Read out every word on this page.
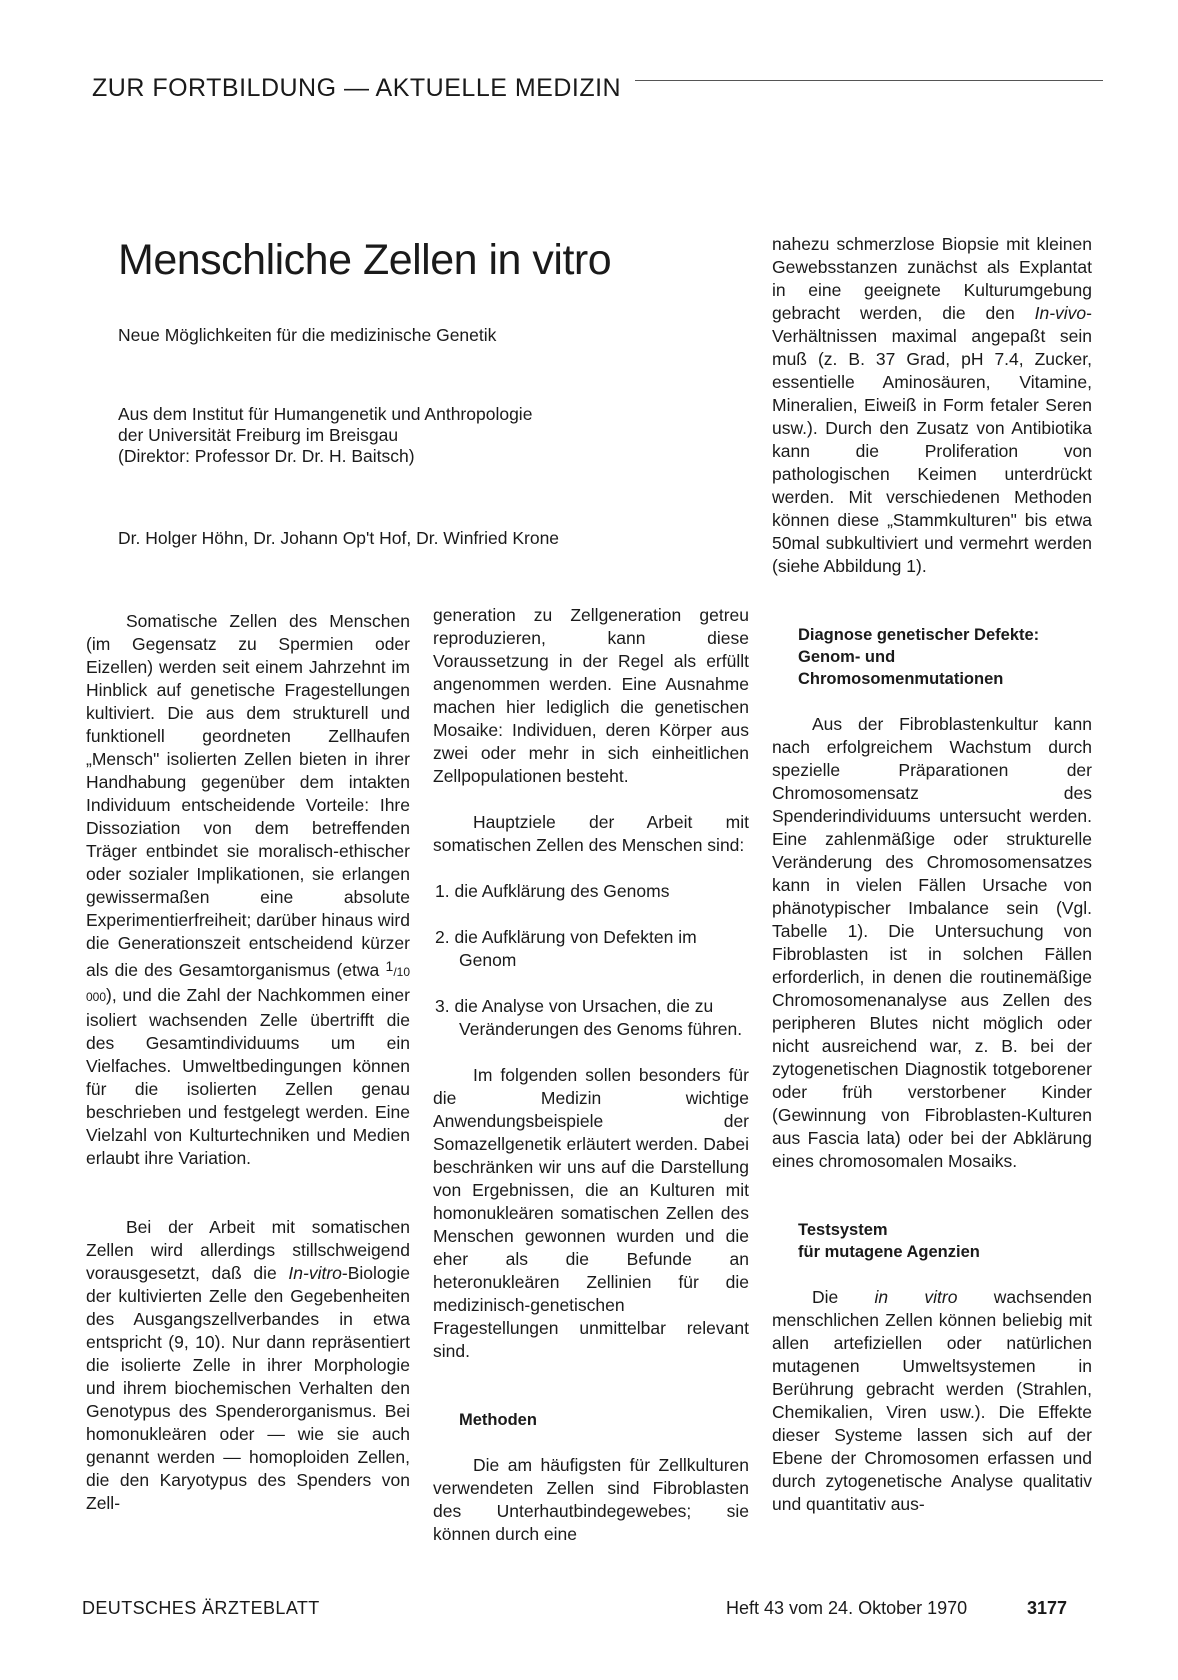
ZUR FORTBILDUNG — AKTUELLE MEDIZIN
Menschliche Zellen in vitro
Neue Möglichkeiten für die medizinische Genetik
Aus dem Institut für Humangenetik und Anthropologie
der Universität Freiburg im Breisgau
(Direktor: Professor Dr. Dr. H. Baitsch)
Dr. Holger Höhn, Dr. Johann Op't Hof, Dr. Winfried Krone

Somatische Zellen des Menschen (im Gegensatz zu Spermien oder Eizellen) werden seit einem Jahrzehnt im Hinblick auf genetische Fragestellungen kultiviert. Die aus dem strukturell und funktionell geordneten Zellhaufen „Mensch" isolierten Zellen bieten in ihrer Handhabung gegenüber dem intakten Individuum entscheidende Vorteile: Ihre Dissoziation von dem betreffenden Träger entbindet sie moralisch-ethischer oder sozialer Implikationen, sie erlangen gewissermaßen eine absolute Experimentierfreiheit; darüber hinaus wird die Generationszeit entscheidend kürzer als die des Gesamtorganismus (etwa $^1$/10 000), und die Zahl der Nachkommen einer isoliert wachsenden Zelle übertrifft die des Gesamtindividuums um ein Vielfaches. Umweltbedingungen können für die isolierten Zellen genau beschrieben und festgelegt werden. Eine Vielzahl von Kulturtechniken und Medien erlaubt ihre Variation.

Bei der Arbeit mit somatischen Zellen wird allerdings stillschweigend vorausgesetzt, daß die In-vitro-Biologie der kultivierten Zelle den Gegebenheiten des Ausgangszellverbandes in etwa entspricht (9, 10). Nur dann repräsentiert die isolierte Zelle in ihrer Morphologie und ihrem biochemischen Verhalten den Genotypus des Spenderorganismus. Bei homonukleären oder — wie sie auch genannt werden — homoploiden Zellen, die den Karyotypus des Spenders von Zell-

generation zu Zellgeneration getreu reproduzieren, kann diese Voraussetzung in der Regel als erfüllt angenommen werden. Eine Ausnahme machen hier lediglich die genetischen Mosaike: Individuen, deren Körper aus zwei oder mehr in sich einheitlichen Zellpopulationen besteht.

Hauptziele der Arbeit mit somatischen Zellen des Menschen sind:

1. die Aufklärung des Genoms

2. die Aufklärung von Defekten im Genom

3. die Analyse von Ursachen, die zu Veränderungen des Genoms führen.

Im folgenden sollen besonders für die Medizin wichtige Anwendungsbeispiele der Somazellgenetik erläutert werden. Dabei beschränken wir uns auf die Darstellung von Ergebnissen, die an Kulturen mit homonukleären somatischen Zellen des Menschen gewonnen wurden und die eher als die Befunde an heteronukleären Zellinien für die medizinisch-genetischen Fragestellungen unmittelbar relevant sind.

Methoden

Die am häufigsten für Zellkulturen verwendeten Zellen sind Fibroblasten des Unterhautbindegewebes; sie können durch eine

nahezu schmerzlose Biopsie mit kleinen Gewebsstanzen zunächst als Explantat in eine geeignete Kulturumgebung gebracht werden, die den In-vivo-Verhältnissen maximal angepaßt sein muß (z. B. 37 Grad, pH 7.4, Zucker, essentielle Aminosäuren, Vitamine, Mineralien, Eiweiß in Form fetaler Seren usw.). Durch den Zusatz von Antibiotika kann die Proliferation von pathologischen Keimen unterdrückt werden. Mit verschiedenen Methoden können diese „Stammkulturen" bis etwa 50mal subkultiviert und vermehrt werden (siehe Abbildung 1).

Diagnose genetischer Defekte:
Genom- und
Chromosomenmutationen

Aus der Fibroblastenkultur kann nach erfolgreichem Wachstum durch spezielle Präparationen der Chromosomensatz des Spenderindividuums untersucht werden. Eine zahlenmäßige oder strukturelle Veränderung des Chromosomensatzes kann in vielen Fällen Ursache von phänotypischer Imbalance sein (Vgl. Tabelle 1). Die Untersuchung von Fibroblasten ist in solchen Fällen erforderlich, in denen die routinemäßige Chromosomenanalyse aus Zellen des peripheren Blutes nicht möglich oder nicht ausreichend war, z. B. bei der zytogenetischen Diagnostik totgeborener oder früh verstorbener Kinder (Gewinnung von Fibroblasten-Kulturen aus Fascia lata) oder bei der Abklärung eines chromosomalen Mosaiks.

Testsystem
für mutagene Agenzien

Die in vitro wachsenden menschlichen Zellen können beliebig mit allen artefiziellen oder natürlichen mutagenen Umweltsystemen in Berührung gebracht werden (Strahlen, Chemikalien, Viren usw.). Die Effekte dieser Systeme lassen sich auf der Ebene der Chromosomen erfassen und durch zytogenetische Analyse qualitativ und quantitativ aus-

DEUTSCHES ÄRZTEBLATT	Heft 43 vom 24. Oktober 1970	3177
